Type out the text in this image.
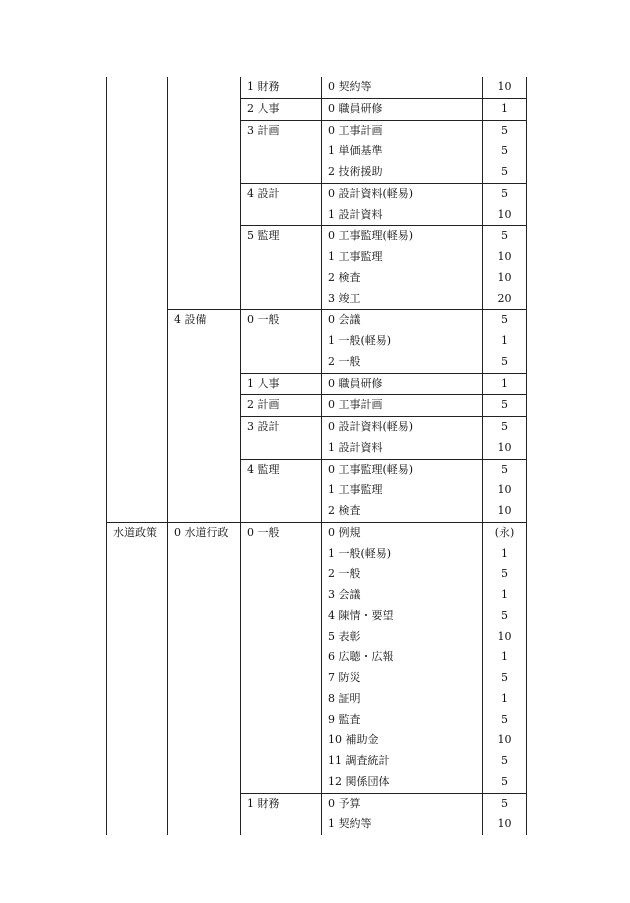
		1 財務	0 契約等	10
		2 人事	0 職員研修	1
		3 計画	0 工事計画	5
			1 単価基準	5
			2 技術援助	5
		4 設計	0 設計資料(軽易)	5
			1 設計資料	10
		5 監理	0 工事監理(軽易)	5
			1 工事監理	10
			2 検査	10
			3 竣工	20
	4 設備	0 一般	0 会議	5
			1 一般(軽易)	1
			2 一般	5
		1 人事	0 職員研修	1
		2 計画	0 工事計画	5
		3 設計	0 設計資料(軽易)	5
			1 設計資料	10
		4 監理	0 工事監理(軽易)	5
			1 工事監理	10
			2 検査	10
水道政策	0 水道行政	0 一般	0 例規	(永)
			1 一般(軽易)	1
			2 一般	5
			3 会議	1
			4 陳情・要望	5
			5 表彰	10
			6 広聴・広報	1
			7 防災	5
			8 証明	1
			9 監査	5
			10 補助金	10
			11 調査統計	5
			12 関係団体	5
		1 財務	0 予算	5
			1 契約等	10
